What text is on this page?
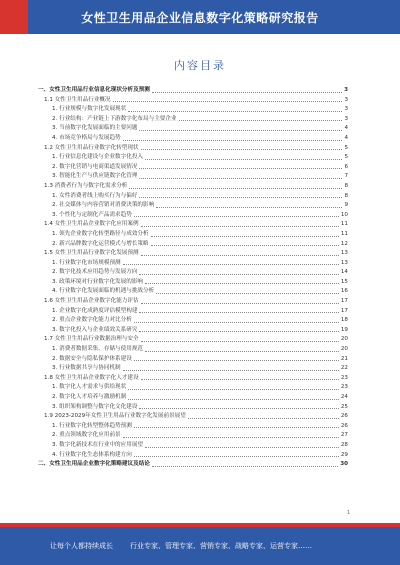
女性卫生用品企业信息数字化策略研究报告
内容目录
一、女性卫生用品行业信息化现状分析及预测	3
1.1 女性卫生用品行业概况	3
1. 行业规模与数字化发展现状	3
2. 行业结构：产业链上下游数字化布局与主要企业	3
3. 当前数字化发展面临的主要问题	4
4. 市场竞争格局与发展趋势	4
1.2 女性卫生用品行业数字化转型现状	5
1. 行业信息化建设与企业数字化投入	5
2. 数字化营销与电商渠道发展情况	6
3. 智能化生产与供应链数字化管理	7
1.3 消费者行为与数字化需求分析	8
1. 女性消费者线上购买行为与偏好	8
2. 社交媒体与内容营销对消费决策的影响	9
3. 个性化与定制化产品需求趋势	10
1.4 女性卫生用品企业数字化应用案例	11
1. 领先企业数字化转型路径与成效分析	11
2. 新兴品牌数字化运营模式与增长策略	12
1.5 女性卫生用品行业数字化发展预测	13
1. 行业数字化市场规模预测	13
2. 数字化技术应用趋势与发展方向	14
3. 政策环境对行业数字化发展的影响	15
4. 行业数字化发展面临的机遇与挑战分析	16
1.6 女性卫生用品企业数字化能力评估	17
1. 企业数字化成熟度评估模型构建	17
2. 重点企业数字化能力对比分析	18
3. 数字化投入与企业绩效关系研究	19
1.7 女性卫生用品行业数据治理与安全	20
1. 消费者数据采集、存储与使用规范	20
2. 数据安全与隐私保护体系建设	21
3. 行业数据共享与协同机制	22
1.8 女性卫生用品企业数字化人才建设	23
1. 数字化人才需求与供给现状	23
2. 数字化人才培养与激励机制	24
3. 组织架构调整与数字化文化建设	25
1.9 2023-2029年女性卫生用品行业数字化发展前景展望	26
1. 行业数字化转型整体趋势预测	26
2. 重点领域数字化应用前景	27
3. 数字化新技术在行业中的应用展望	28
4. 行业数字化生态体系构建方向	29
二、女性卫生用品企业数字化策略建议及结论	30
1
让每个人都持续成长 行业专家、管理专家、营销专家、战略专家、运营专家……
